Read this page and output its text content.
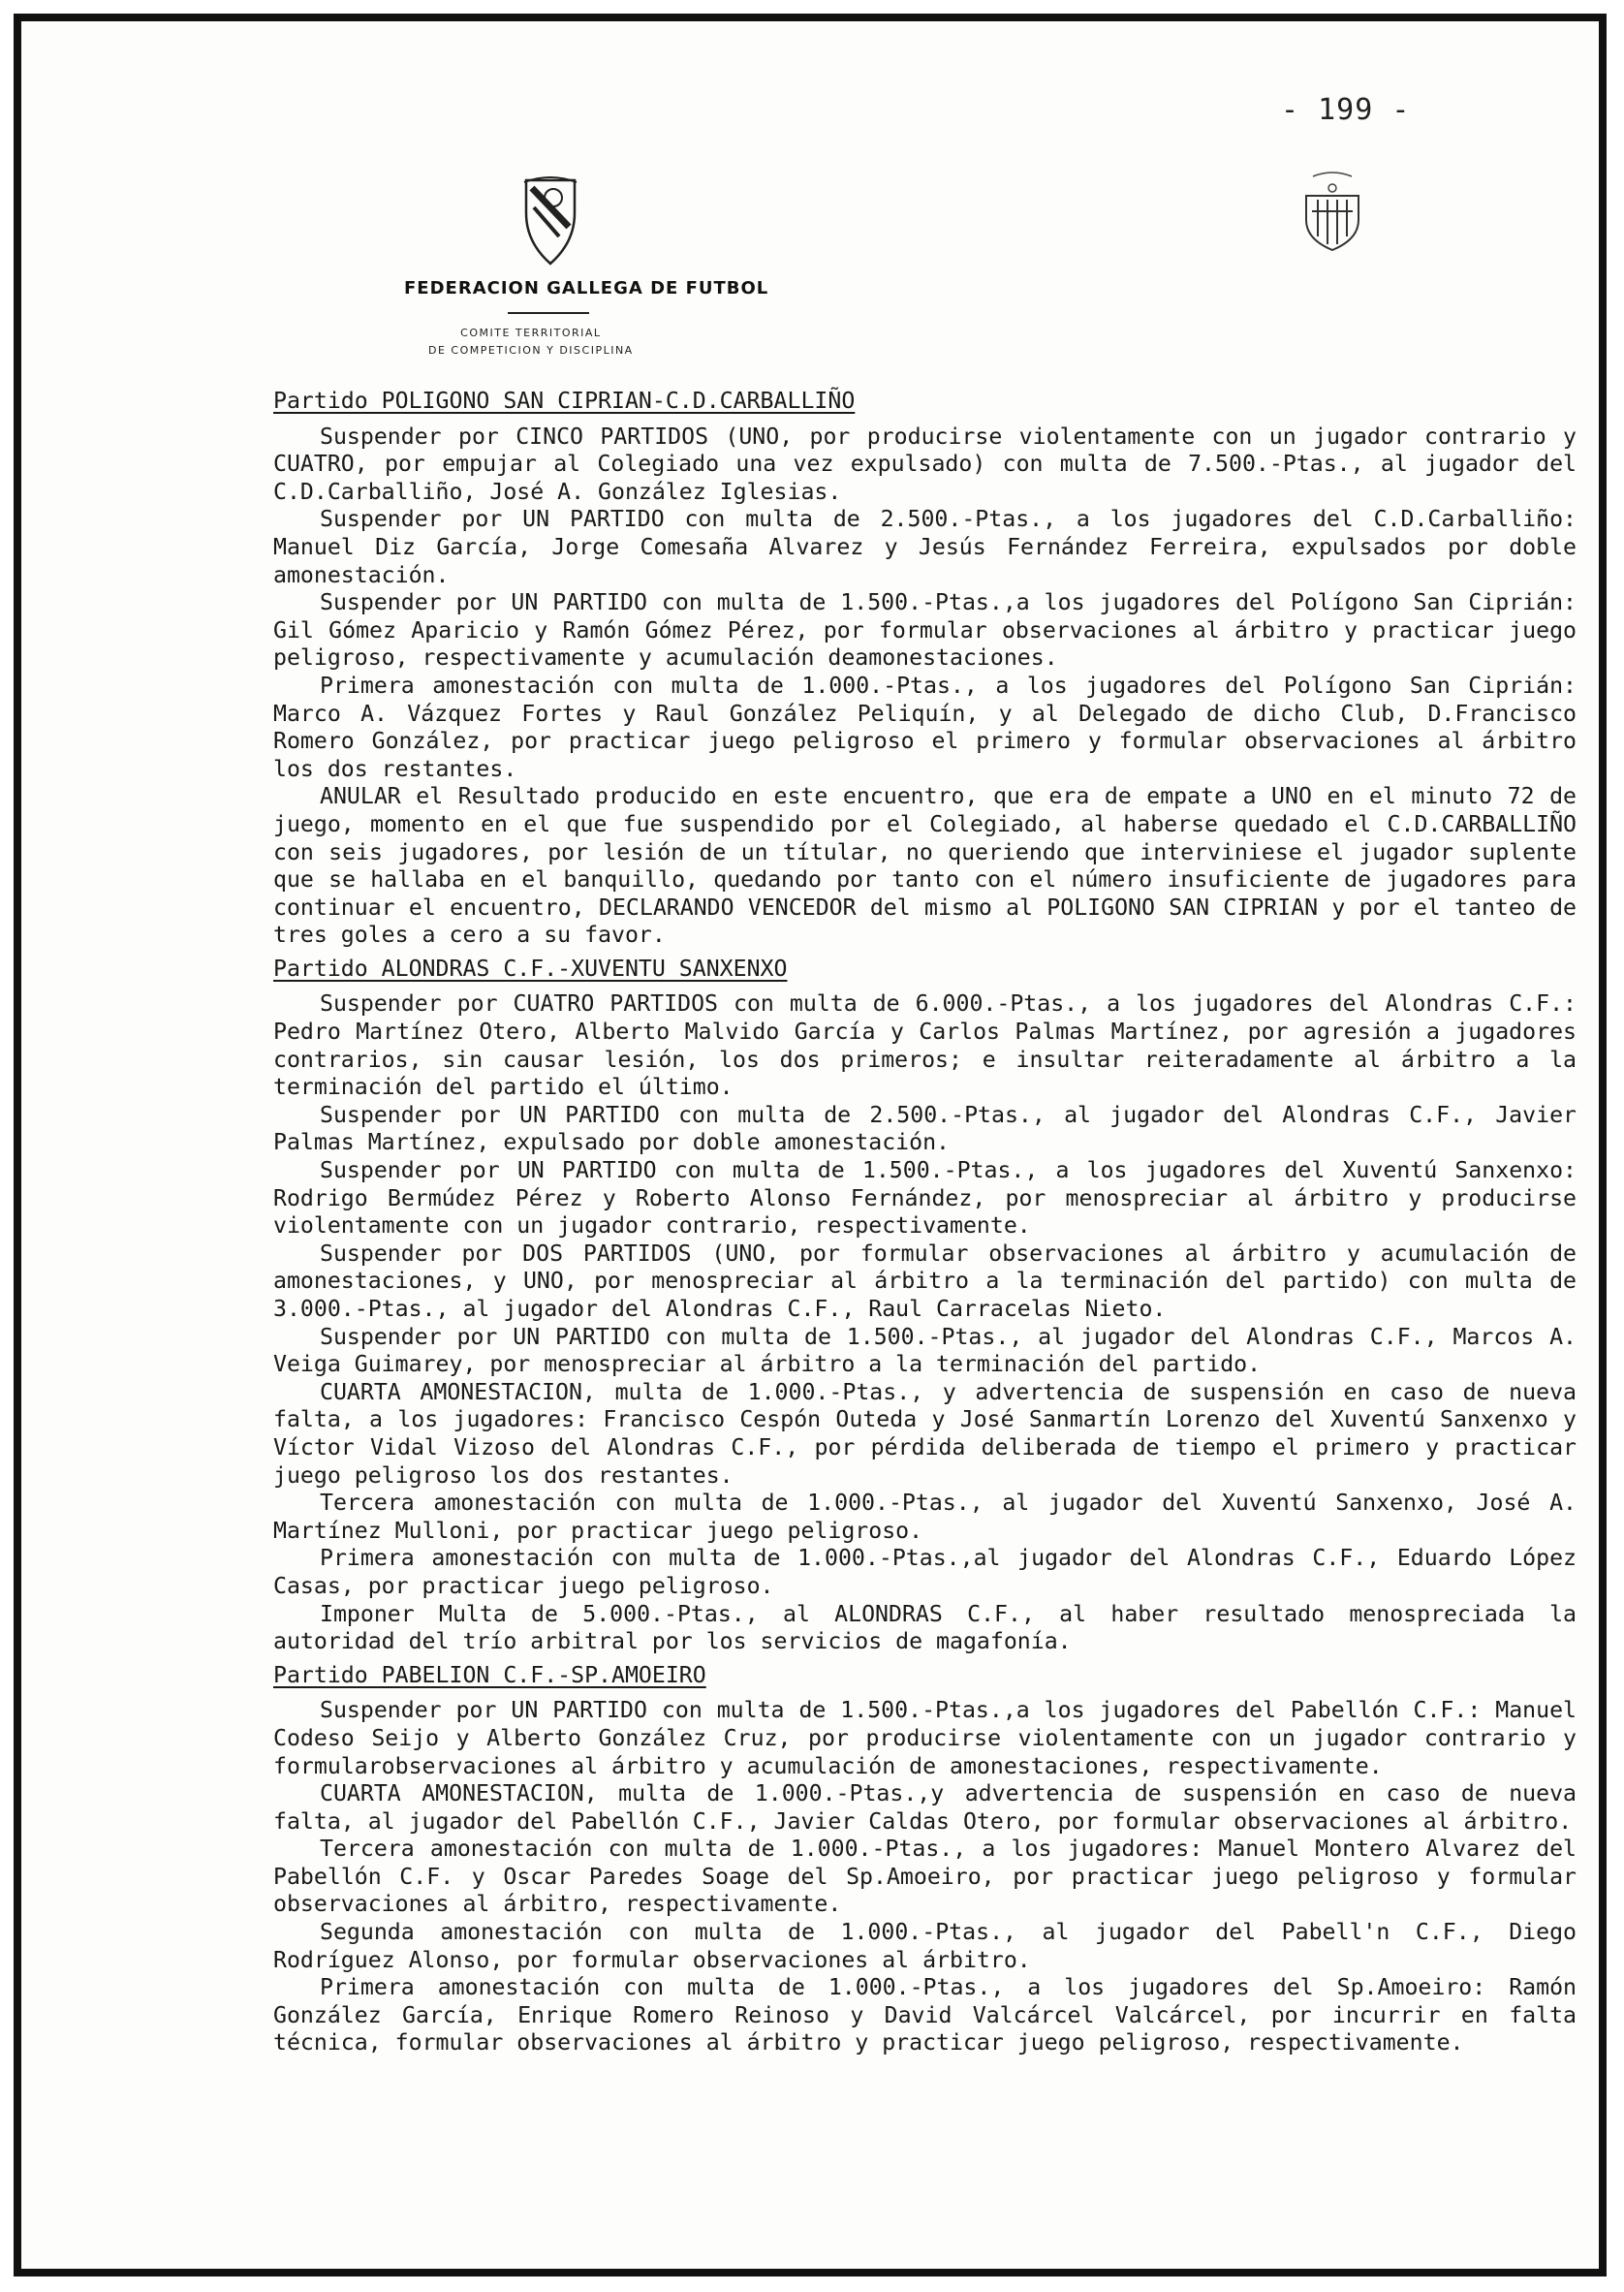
- 199 -
FEDERACION GALLEGA DE FUTBOL
COMITE TERRITORIAL
DE COMPETICION Y DISCIPLINA
Partido POLIGONO SAN CIPRIAN-C.D.CARBALLIÑO

Suspender por CINCO PARTIDOS (UNO, por producirse violentamente con un jugador contrario y CUATRO, por empujar al Colegiado una vez expulsado) con multa de 7.500.-Ptas., al jugador del C.D.Carballiño, José A. González Iglesias.

Suspender por UN PARTIDO con multa de 2.500.-Ptas., a los jugadores del C.D.Carballiño: Manuel Diz García, Jorge Comesaña Alvarez y Jesús Fernández Ferreira, expulsados por doble amonestación.

Suspender por UN PARTIDO con multa de 1.500.-Ptas.,a los jugadores del Polígono San Ciprián: Gil Gómez Aparicio y Ramón Gómez Pérez, por formular observaciones al árbitro y practicar juego peligroso, respectivamente y acumulación deamonestaciones.

Primera amonestación con multa de 1.000.-Ptas., a los jugadores del Polígono San Ciprián: Marco A. Vázquez Fortes y Raul González Peliquín, y al Delegado de dicho Club, D.Francisco Romero González, por practicar juego peligroso el primero y formular observaciones al árbitro los dos restantes.

ANULAR el Resultado producido en este encuentro, que era de empate a UNO en el minuto 72 de juego, momento en el que fue suspendido por el Colegiado, al haberse quedado el C.D.CARBALLIÑO con seis jugadores, por lesión de un títular, no queriendo que interviniese el jugador suplente que se hallaba en el banquillo, quedando por tanto con el número insuficiente de jugadores para continuar el encuentro, DECLARANDO VENCEDOR del mismo al POLIGONO SAN CIPRIAN y por el tanteo de tres goles a cero a su favor.

Partido ALONDRAS C.F.-XUVENTU SANXENXO

Suspender por CUATRO PARTIDOS con multa de 6.000.-Ptas., a los jugadores del Alondras C.F.: Pedro Martínez Otero, Alberto Malvido García y Carlos Palmas Martínez, por agresión a jugadores contrarios, sin causar lesión, los dos primeros; e insultar reiteradamente al árbitro a la terminación del partido el último.

Suspender por UN PARTIDO con multa de 2.500.-Ptas., al jugador del Alondras C.F., Javier Palmas Martínez, expulsado por doble amonestación.

Suspender por UN PARTIDO con multa de 1.500.-Ptas., a los jugadores del Xuventú Sanxenxo: Rodrigo Bermúdez Pérez y Roberto Alonso Fernández, por menospreciar al árbitro y producirse violentamente con un jugador contrario, respectivamente.

Suspender por DOS PARTIDOS (UNO, por formular observaciones al árbitro y acumulación de amonestaciones, y UNO, por menospreciar al árbitro a la terminación del partido) con multa de 3.000.-Ptas., al jugador del Alondras C.F., Raul Carracelas Nieto.

Suspender por UN PARTIDO con multa de 1.500.-Ptas., al jugador del Alondras C.F., Marcos A. Veiga Guimarey, por menospreciar al árbitro a la terminación del partido.

CUARTA AMONESTACION, multa de 1.000.-Ptas., y advertencia de suspensión en caso de nueva falta, a los jugadores: Francisco Cespón Outeda y José Sanmartín Lorenzo del Xuventú Sanxenxo y Víctor Vidal Vizoso del Alondras C.F., por pérdida deliberada de tiempo el primero y practicar juego peligroso los dos restantes.

Tercera amonestación con multa de 1.000.-Ptas., al jugador del Xuventú Sanxenxo, José A. Martínez Mulloni, por practicar juego peligroso.

Primera amonestación con multa de 1.000.-Ptas.,al jugador del Alondras C.F., Eduardo López Casas, por practicar juego peligroso.

Imponer Multa de 5.000.-Ptas., al ALONDRAS C.F., al haber resultado menospreciada la autoridad del trío arbitral por los servicios de magafonía.

Partido PABELION C.F.-SP.AMOEIRO

Suspender por UN PARTIDO con multa de 1.500.-Ptas.,a los jugadores del Pabellón C.F.: Manuel Codeso Seijo y Alberto González Cruz, por producirse violentamente con un jugador contrario y formularobservaciones al árbitro y acumulación de amonestaciones, respectivamente.

CUARTA AMONESTACION, multa de 1.000.-Ptas.,y advertencia de suspensión en caso de nueva falta, al jugador del Pabellón C.F., Javier Caldas Otero, por formular observaciones al árbitro.

Tercera amonestación con multa de 1.000.-Ptas., a los jugadores: Manuel Montero Alvarez del Pabellón C.F. y Oscar Paredes Soage del Sp.Amoeiro, por practicar juego peligroso y formular observaciones al árbitro, respectivamente.

Segunda amonestación con multa de 1.000.-Ptas., al jugador del Pabell'n C.F., Diego Rodríguez Alonso, por formular observaciones al árbitro.

Primera amonestación con multa de 1.000.-Ptas., a los jugadores del Sp.Amoeiro: Ramón González García, Enrique Romero Reinoso y David Valcárcel Valcárcel, por incurrir en falta técnica, formular observaciones al árbitro y practicar juego peligroso, respectivamente.
